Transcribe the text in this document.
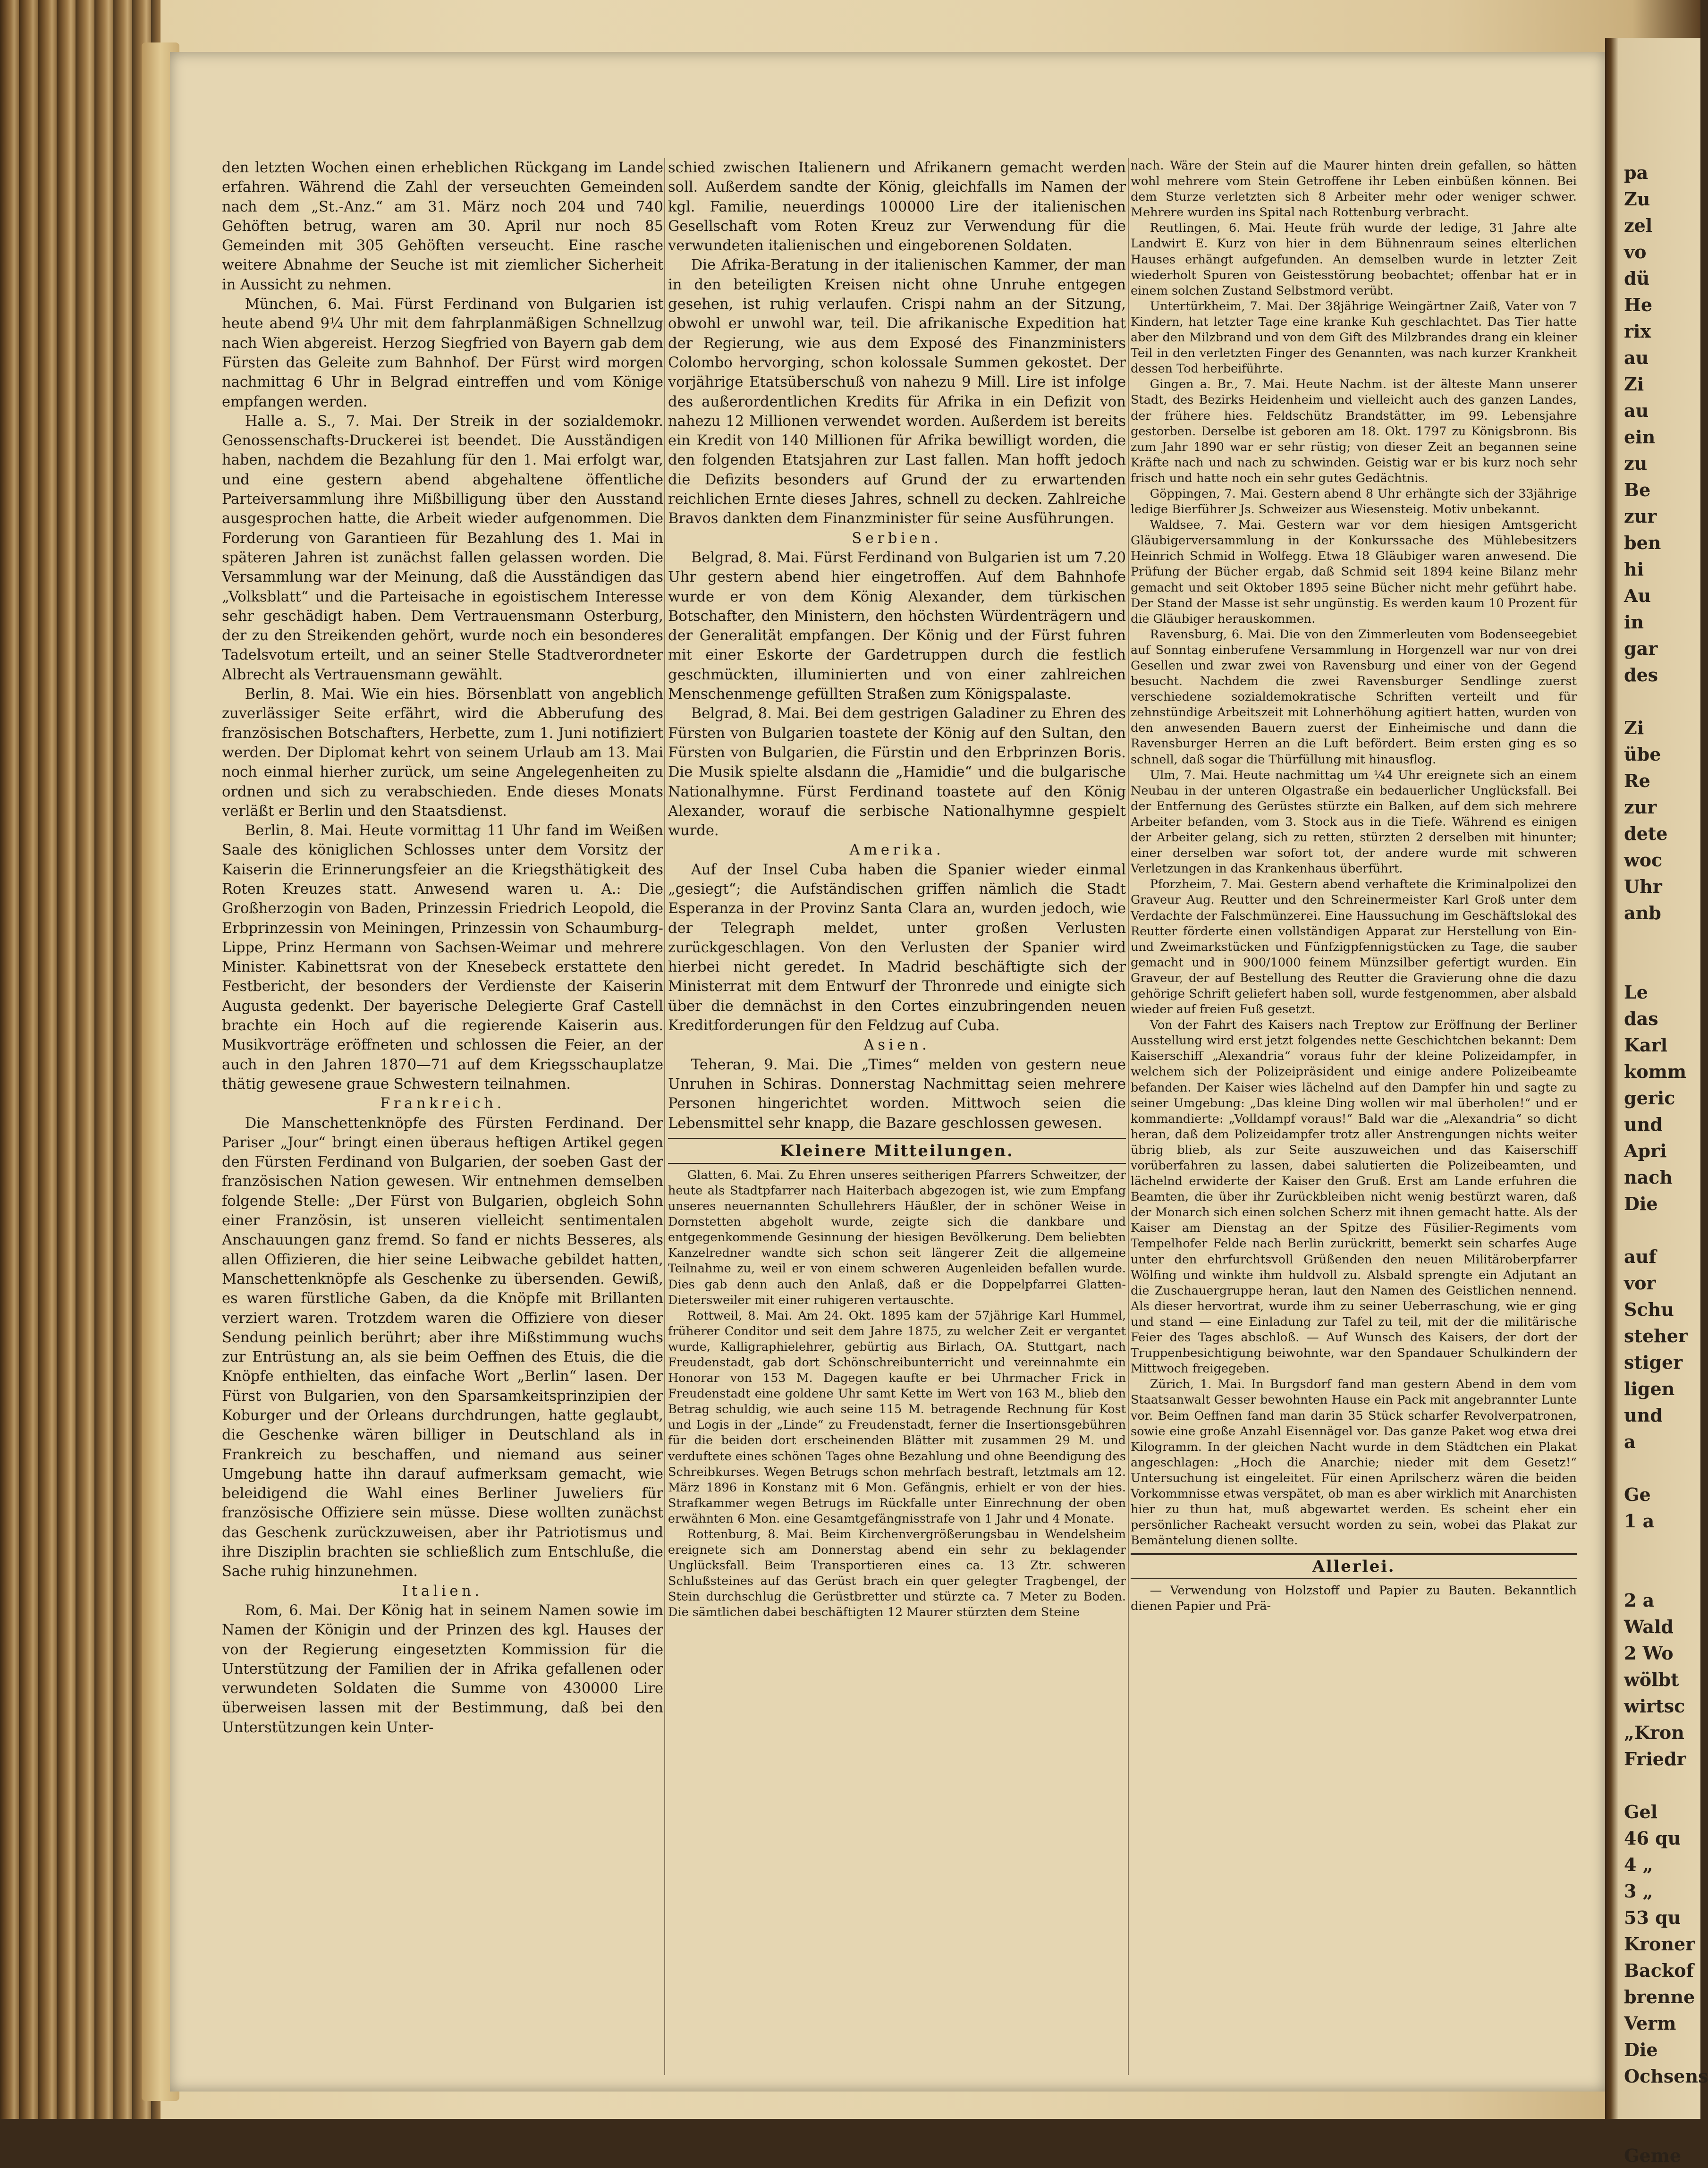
den letzten Wochen einen erheblichen Rückgang im Lande erfahren. Während die Zahl der verseuchten Gemeinden nach dem „St.-Anz.“ am 31. März noch 204 und 740 Gehöften betrug, waren am 30. April nur noch 85 Gemeinden mit 305 Gehöften verseucht. Eine rasche weitere Abnahme der Seuche ist mit ziemlicher Sicherheit in Aussicht zu nehmen.

München, 6. Mai. Fürst Ferdinand von Bulgarien ist heute abend 9¼ Uhr mit dem fahrplanmäßigen Schnellzug nach Wien abgereist. Herzog Siegfried von Bayern gab dem Fürsten das Geleite zum Bahnhof. Der Fürst wird morgen nachmittag 6 Uhr in Belgrad eintreffen und vom Könige empfangen werden.

Halle a. S., 7. Mai. Der Streik in der sozialdemokr. Genossenschafts-Druckerei ist beendet. Die Ausständigen haben, nachdem die Bezahlung für den 1. Mai erfolgt war, und eine gestern abend abgehaltene öffentliche Parteiversammlung ihre Mißbilligung über den Ausstand ausgesprochen hatte, die Arbeit wieder aufgenommen. Die Forderung von Garantieen für Bezahlung des 1. Mai in späteren Jahren ist zunächst fallen gelassen worden. Die Versammlung war der Meinung, daß die Ausständigen das „Volksblatt“ und die Parteisache in egoistischem Interesse sehr geschädigt haben. Dem Vertrauensmann Osterburg, der zu den Streikenden gehört, wurde noch ein besonderes Tadelsvotum erteilt, und an seiner Stelle Stadtverordneter Albrecht als Vertrauensmann gewählt.

Berlin, 8. Mai. Wie ein hies. Börsenblatt von angeblich zuverlässiger Seite erfährt, wird die Abberufung des französischen Botschafters, Herbette, zum 1. Juni notifiziert werden. Der Diplomat kehrt von seinem Urlaub am 13. Mai noch einmal hierher zurück, um seine Angelegenheiten zu ordnen und sich zu verabschieden. Ende dieses Monats verläßt er Berlin und den Staatsdienst.

Berlin, 8. Mai. Heute vormittag 11 Uhr fand im Weißen Saale des königlichen Schlosses unter dem Vorsitz der Kaiserin die Erinnerungsfeier an die Kriegsthätigkeit des Roten Kreuzes statt. Anwesend waren u. A.: Die Großherzogin von Baden, Prinzessin Friedrich Leopold, die Erbprinzessin von Meiningen, Prinzessin von Schaumburg-Lippe, Prinz Hermann von Sachsen-Weimar und mehrere Minister. Kabinettsrat von der Knesebeck erstattete den Festbericht, der besonders der Verdienste der Kaiserin Augusta gedenkt. Der bayerische Delegierte Graf Castell brachte ein Hoch auf die regierende Kaiserin aus. Musikvorträge eröffneten und schlossen die Feier, an der auch in den Jahren 1870—71 auf dem Kriegsschauplatze thätig gewesene graue Schwestern teilnahmen.

Frankreich.

Die Manschettenknöpfe des Fürsten Ferdinand. Der Pariser „Jour“ bringt einen überaus heftigen Artikel gegen den Fürsten Ferdinand von Bulgarien, der soeben Gast der französischen Nation gewesen. Wir entnehmen demselben folgende Stelle: „Der Fürst von Bulgarien, obgleich Sohn einer Französin, ist unseren vielleicht sentimentalen Anschauungen ganz fremd. So fand er nichts Besseres, als allen Offizieren, die hier seine Leibwache gebildet hatten, Manschettenknöpfe als Geschenke zu übersenden. Gewiß, es waren fürstliche Gaben, da die Knöpfe mit Brillanten verziert waren. Trotzdem waren die Offiziere von dieser Sendung peinlich berührt; aber ihre Mißstimmung wuchs zur Entrüstung an, als sie beim Oeffnen des Etuis, die die Knöpfe enthielten, das einfache Wort „Berlin“ lasen. Der Fürst von Bulgarien, von den Sparsamkeitsprinzipien der Koburger und der Orleans durchdrungen, hatte geglaubt, die Geschenke wären billiger in Deutschland als in Frankreich zu beschaffen, und niemand aus seiner Umgebung hatte ihn darauf aufmerksam gemacht, wie beleidigend die Wahl eines Berliner Juweliers für französische Offiziere sein müsse. Diese wollten zunächst das Geschenk zurückzuweisen, aber ihr Patriotismus und ihre Disziplin brachten sie schließlich zum Entschluße, die Sache ruhig hinzunehmen.

Italien.

Rom, 6. Mai. Der König hat in seinem Namen sowie im Namen der Königin und der Prinzen des kgl. Hauses der von der Regierung eingesetzten Kommission für die Unterstützung der Familien der in Afrika gefallenen oder verwundeten Soldaten die Summe von 430000 Lire überweisen lassen mit der Bestimmung, daß bei den Unterstützungen kein Unter-

schied zwischen Italienern und Afrikanern gemacht werden soll. Außerdem sandte der König, gleichfalls im Namen der kgl. Familie, neuerdings 100000 Lire der italienischen Gesellschaft vom Roten Kreuz zur Verwendung für die verwundeten italienischen und eingeborenen Soldaten.

Die Afrika-Beratung in der italienischen Kammer, der man in den beteiligten Kreisen nicht ohne Unruhe entgegen gesehen, ist ruhig verlaufen. Crispi nahm an der Sitzung, obwohl er unwohl war, teil. Die afrikanische Expedition hat der Regierung, wie aus dem Exposé des Finanzministers Colombo hervorging, schon kolossale Summen gekostet. Der vorjährige Etatsüberschuß von nahezu 9 Mill. Lire ist infolge des außerordentlichen Kredits für Afrika in ein Defizit von nahezu 12 Millionen verwendet worden. Außerdem ist bereits ein Kredit von 140 Millionen für Afrika bewilligt worden, die den folgenden Etatsjahren zur Last fallen. Man hofft jedoch die Defizits besonders auf Grund der zu erwartenden reichlichen Ernte dieses Jahres, schnell zu decken. Zahlreiche Bravos dankten dem Finanzminister für seine Ausführungen.

Serbien.

Belgrad, 8. Mai. Fürst Ferdinand von Bulgarien ist um 7.20 Uhr gestern abend hier eingetroffen. Auf dem Bahnhofe wurde er von dem König Alexander, dem türkischen Botschafter, den Ministern, den höchsten Würdenträgern und der Generalität empfangen. Der König und der Fürst fuhren mit einer Eskorte der Gardetruppen durch die festlich geschmückten, illuminierten und von einer zahlreichen Menschenmenge gefüllten Straßen zum Königspalaste.

Belgrad, 8. Mai. Bei dem gestrigen Galadiner zu Ehren des Fürsten von Bulgarien toastete der König auf den Sultan, den Fürsten von Bulgarien, die Fürstin und den Erbprinzen Boris. Die Musik spielte alsdann die „Hamidie“ und die bulgarische Nationalhymne. Fürst Ferdinand toastete auf den König Alexander, worauf die serbische Nationalhymne gespielt wurde.

Amerika.

Auf der Insel Cuba haben die Spanier wieder einmal „gesiegt“; die Aufständischen griffen nämlich die Stadt Esperanza in der Provinz Santa Clara an, wurden jedoch, wie der Telegraph meldet, unter großen Verlusten zurückgeschlagen. Von den Verlusten der Spanier wird hierbei nicht geredet. In Madrid beschäftigte sich der Ministerrat mit dem Entwurf der Thronrede und einigte sich über die demnächst in den Cortes einzubringenden neuen Kreditforderungen für den Feldzug auf Cuba.

Asien.

Teheran, 9. Mai. Die „Times“ melden von gestern neue Unruhen in Schiras. Donnerstag Nachmittag seien mehrere Personen hingerichtet worden. Mittwoch seien die Lebensmittel sehr knapp, die Bazare geschlossen gewesen.

Kleinere Mitteilungen.

Glatten, 6. Mai. Zu Ehren unseres seitherigen Pfarrers Schweitzer, der heute als Stadtpfarrer nach Haiterbach abgezogen ist, wie zum Empfang unseres neuernannten Schullehrers Häußler, der in schöner Weise in Dornstetten abgeholt wurde, zeigte sich die dankbare und entgegenkommende Gesinnung der hiesigen Bevölkerung. Dem beliebten Kanzelredner wandte sich schon seit längerer Zeit die allgemeine Teilnahme zu, weil er von einem schweren Augenleiden befallen wurde. Dies gab denn auch den Anlaß, daß er die Doppelpfarrei Glatten-Dietersweiler mit einer ruhigeren vertauschte.

Rottweil, 8. Mai. Am 24. Okt. 1895 kam der 57jährige Karl Hummel, früherer Conditor und seit dem Jahre 1875, zu welcher Zeit er vergantet wurde, Kalligraphielehrer, gebürtig aus Birlach, OA. Stuttgart, nach Freudenstadt, gab dort Schönschreibunterricht und vereinnahmte ein Honorar von 153 M. Dagegen kaufte er bei Uhrmacher Frick in Freudenstadt eine goldene Uhr samt Kette im Wert von 163 M., blieb den Betrag schuldig, wie auch seine 115 M. betragende Rechnung für Kost und Logis in der „Linde“ zu Freudenstadt, ferner die Insertionsgebühren für die beiden dort erscheinenden Blätter mit zusammen 29 M. und verduftete eines schönen Tages ohne Bezahlung und ohne Beendigung des Schreibkurses. Wegen Betrugs schon mehrfach bestraft, letztmals am 12. März 1896 in Konstanz mit 6 Mon. Gefängnis, erhielt er von der hies. Strafkammer wegen Betrugs im Rückfalle unter Einrechnung der oben erwähnten 6 Mon. eine Gesamtgefängnisstrafe von 1 Jahr und 4 Monate.

Rottenburg, 8. Mai. Beim Kirchenvergrößerungsbau in Wendelsheim ereignete sich am Donnerstag abend ein sehr zu beklagender Unglücksfall. Beim Transportieren eines ca. 13 Ztr. schweren Schlußsteines auf das Gerüst brach ein quer gelegter Tragbengel, der Stein durchschlug die Gerüstbretter und stürzte ca. 7 Meter zu Boden. Die sämtlichen dabei beschäftigten 12 Maurer stürzten dem Steine

nach. Wäre der Stein auf die Maurer hinten drein gefallen, so hätten wohl mehrere vom Stein Getroffene ihr Leben einbüßen können. Bei dem Sturze verletzten sich 8 Arbeiter mehr oder weniger schwer. Mehrere wurden ins Spital nach Rottenburg verbracht.

Reutlingen, 6. Mai. Heute früh wurde der ledige, 31 Jahre alte Landwirt E. Kurz von hier in dem Bühnenraum seines elterlichen Hauses erhängt aufgefunden. An demselben wurde in letzter Zeit wiederholt Spuren von Geistesstörung beobachtet; offenbar hat er in einem solchen Zustand Selbstmord verübt.

Untertürkheim, 7. Mai. Der 38jährige Weingärtner Zaiß, Vater von 7 Kindern, hat letzter Tage eine kranke Kuh geschlachtet. Das Tier hatte aber den Milzbrand und von dem Gift des Milzbrandes drang ein kleiner Teil in den verletzten Finger des Genannten, was nach kurzer Krankheit dessen Tod herbeiführte.

Gingen a. Br., 7. Mai. Heute Nachm. ist der älteste Mann unserer Stadt, des Bezirks Heidenheim und vielleicht auch des ganzen Landes, der frühere hies. Feldschütz Brandstätter, im 99. Lebensjahre gestorben. Derselbe ist geboren am 18. Okt. 1797 zu Königsbronn. Bis zum Jahr 1890 war er sehr rüstig; von dieser Zeit an begannen seine Kräfte nach und nach zu schwinden. Geistig war er bis kurz noch sehr frisch und hatte noch ein sehr gutes Gedächtnis.

Göppingen, 7. Mai. Gestern abend 8 Uhr erhängte sich der 33jährige ledige Bierführer Js. Schweizer aus Wiesensteig. Motiv unbekannt.

Waldsee, 7. Mai. Gestern war vor dem hiesigen Amtsgericht Gläubigerversammlung in der Konkurssache des Mühlebesitzers Heinrich Schmid in Wolfegg. Etwa 18 Gläubiger waren anwesend. Die Prüfung der Bücher ergab, daß Schmid seit 1894 keine Bilanz mehr gemacht und seit Oktober 1895 seine Bücher nicht mehr geführt habe. Der Stand der Masse ist sehr ungünstig. Es werden kaum 10 Prozent für die Gläubiger herauskommen.

Ravensburg, 6. Mai. Die von den Zimmerleuten vom Bodenseegebiet auf Sonntag einberufene Versammlung in Horgenzell war nur von drei Gesellen und zwar zwei von Ravensburg und einer von der Gegend besucht. Nachdem die zwei Ravensburger Sendlinge zuerst verschiedene sozialdemokratische Schriften verteilt und für zehnstündige Arbeitszeit mit Lohnerhöhung agitiert hatten, wurden von den anwesenden Bauern zuerst der Einheimische und dann die Ravensburger Herren an die Luft befördert. Beim ersten ging es so schnell, daß sogar die Thürfüllung mit hinausflog.

Ulm, 7. Mai. Heute nachmittag um ¼4 Uhr ereignete sich an einem Neubau in der unteren Olgastraße ein bedauerlicher Unglücksfall. Bei der Entfernung des Gerüstes stürzte ein Balken, auf dem sich mehrere Arbeiter befanden, vom 3. Stock aus in die Tiefe. Während es einigen der Arbeiter gelang, sich zu retten, stürzten 2 derselben mit hinunter; einer derselben war sofort tot, der andere wurde mit schweren Verletzungen in das Krankenhaus überführt.

Pforzheim, 7. Mai. Gestern abend verhaftete die Kriminalpolizei den Graveur Aug. Reutter und den Schreinermeister Karl Groß unter dem Verdachte der Falschmünzerei. Eine Haussuchung im Geschäftslokal des Reutter förderte einen vollständigen Apparat zur Herstellung von Ein- und Zweimarkstücken und Fünfzigpfennigstücken zu Tage, die sauber gemacht und in 900/1000 feinem Münzsilber gefertigt wurden. Ein Graveur, der auf Bestellung des Reutter die Gravierung ohne die dazu gehörige Schrift geliefert haben soll, wurde festgenommen, aber alsbald wieder auf freien Fuß gesetzt.

Von der Fahrt des Kaisers nach Treptow zur Eröffnung der Berliner Ausstellung wird erst jetzt folgendes nette Geschichtchen bekannt: Dem Kaiserschiff „Alexandria“ voraus fuhr der kleine Polizeidampfer, in welchem sich der Polizeipräsident und einige andere Polizeibeamte befanden. Der Kaiser wies lächelnd auf den Dampfer hin und sagte zu seiner Umgebung: „Das kleine Ding wollen wir mal überholen!“ und er kommandierte: „Volldampf voraus!“ Bald war die „Alexandria“ so dicht heran, daß dem Polizeidampfer trotz aller Anstrengungen nichts weiter übrig blieb, als zur Seite auszuweichen und das Kaiserschiff vorüberfahren zu lassen, dabei salutierten die Polizeibeamten, und lächelnd erwiderte der Kaiser den Gruß. Erst am Lande erfuhren die Beamten, die über ihr Zurückbleiben nicht wenig bestürzt waren, daß der Monarch sich einen solchen Scherz mit ihnen gemacht hatte. Als der Kaiser am Dienstag an der Spitze des Füsilier-Regiments vom Tempelhofer Felde nach Berlin zurückritt, bemerkt sein scharfes Auge unter den ehrfurchtsvoll Grüßenden den neuen Militäroberpfarrer Wölfing und winkte ihm huldvoll zu. Alsbald sprengte ein Adjutant an die Zuschauergruppe heran, laut den Namen des Geistlichen nennend. Als dieser hervortrat, wurde ihm zu seiner Ueberraschung, wie er ging und stand — eine Einladung zur Tafel zu teil, mit der die militärische Feier des Tages abschloß. — Auf Wunsch des Kaisers, der dort der Truppenbesichtigung beiwohnte, war den Spandauer Schulkindern der Mittwoch freigegeben.

Zürich, 1. Mai. In Burgsdorf fand man gestern Abend in dem vom Staatsanwalt Gesser bewohnten Hause ein Pack mit angebrannter Lunte vor. Beim Oeffnen fand man darin 35 Stück scharfer Revolverpatronen, sowie eine große Anzahl Eisennägel vor. Das ganze Paket wog etwa drei Kilogramm. In der gleichen Nacht wurde in dem Städtchen ein Plakat angeschlagen: „Hoch die Anarchie; nieder mit dem Gesetz!“ Untersuchung ist eingeleitet. Für einen Aprilscherz wären die beiden Vorkommnisse etwas verspätet, ob man es aber wirklich mit Anarchisten hier zu thun hat, muß abgewartet werden. Es scheint eher ein persönlicher Racheakt versucht worden zu sein, wobei das Plakat zur Bemäntelung dienen sollte.

Allerlei.

— Verwendung von Holzstoff und Papier zu Bauten. Bekanntlich dienen Papier und Prä-

pa
Zu
zel
vo
dü
He
rix
au
Zi
au
ein
zu
Be
zur
ben
hi
Au
in
gar
des
Zi
übe
Re
zur
dete
woc
Uhr
anb
Le
das
Karl
komm
geric
und
Apri
nach
Die
auf
vor
Schu
steher
stiger
ligen
und
a
Ge
1 a
2 a
Wald
2 Wo
wölbt
wirtsc
„Kron
Friedr
Gel
46 qu
4 „
3 „
53 qu
Kroner
Backof
brenne
Verm
Die
Ochsens
Geme
